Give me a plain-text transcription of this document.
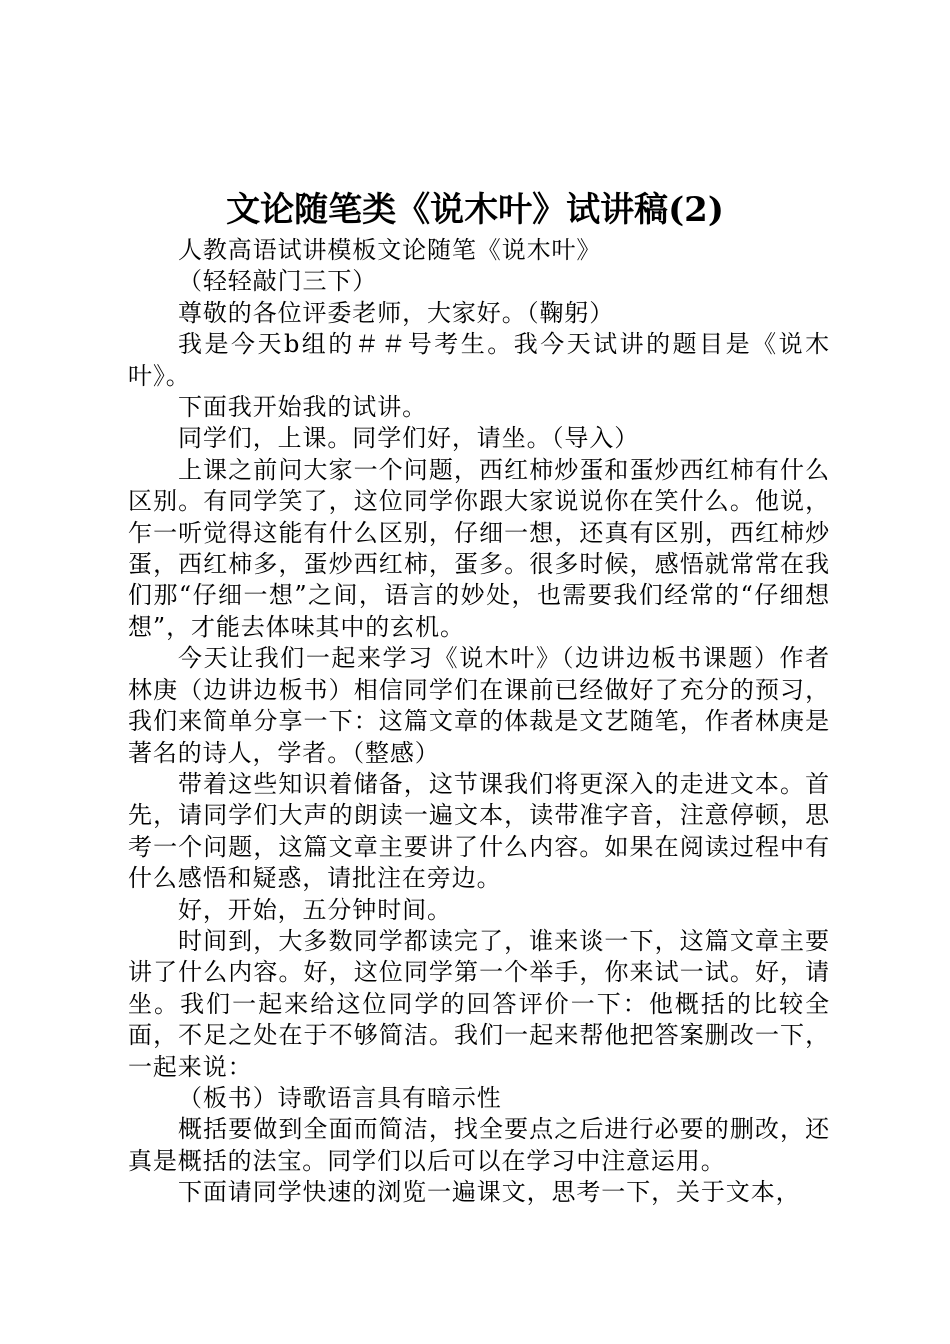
文论随笔类《说木叶》试讲稿(2)

人教高语试讲模板文论随笔《说木叶》

（轻轻敲门三下）

尊敬的各位评委老师，大家好。（鞠躬）

我是今天b组的＃＃号考生。我今天试讲的题目是《说木叶》。

下面我开始我的试讲。

同学们，上课。同学们好，请坐。（导入）

上课之前问大家一个问题，西红柿炒蛋和蛋炒西红柿有什么区别。有同学笑了，这位同学你跟大家说说你在笑什么。他说，乍一听觉得这能有什么区别，仔细一想，还真有区别，西红柿炒蛋，西红柿多，蛋炒西红柿，蛋多。很多时候，感悟就常常在我们那“仔细一想”之间，语言的妙处，也需要我们经常的“仔细想想”，才能去体味其中的玄机。

今天让我们一起来学习《说木叶》（边讲边板书课题）作者林庚（边讲边板书）相信同学们在课前已经做好了充分的预习，我们来简单分享一下：这篇文章的体裁是文艺随笔，作者林庚是著名的诗人，学者。（整感）

带着这些知识着储备，这节课我们将更深入的走进文本。首先，请同学们大声的朗读一遍文本，读带准字音，注意停顿，思考一个问题，这篇文章主要讲了什么内容。如果在阅读过程中有什么感悟和疑惑，请批注在旁边。

好，开始，五分钟时间。

时间到，大多数同学都读完了，谁来谈一下，这篇文章主要讲了什么内容。好，这位同学第一个举手，你来试一试。好，请坐。我们一起来给这位同学的回答评价一下：他概括的比较全面，不足之处在于不够简洁。我们一起来帮他把答案删改一下，一起来说：

（板书）诗歌语言具有暗示性

概括要做到全面而简洁，找全要点之后进行必要的删改，还真是概括的法宝。同学们以后可以在学习中注意运用。

下面请同学快速的浏览一遍课文，思考一下，关于文本，
